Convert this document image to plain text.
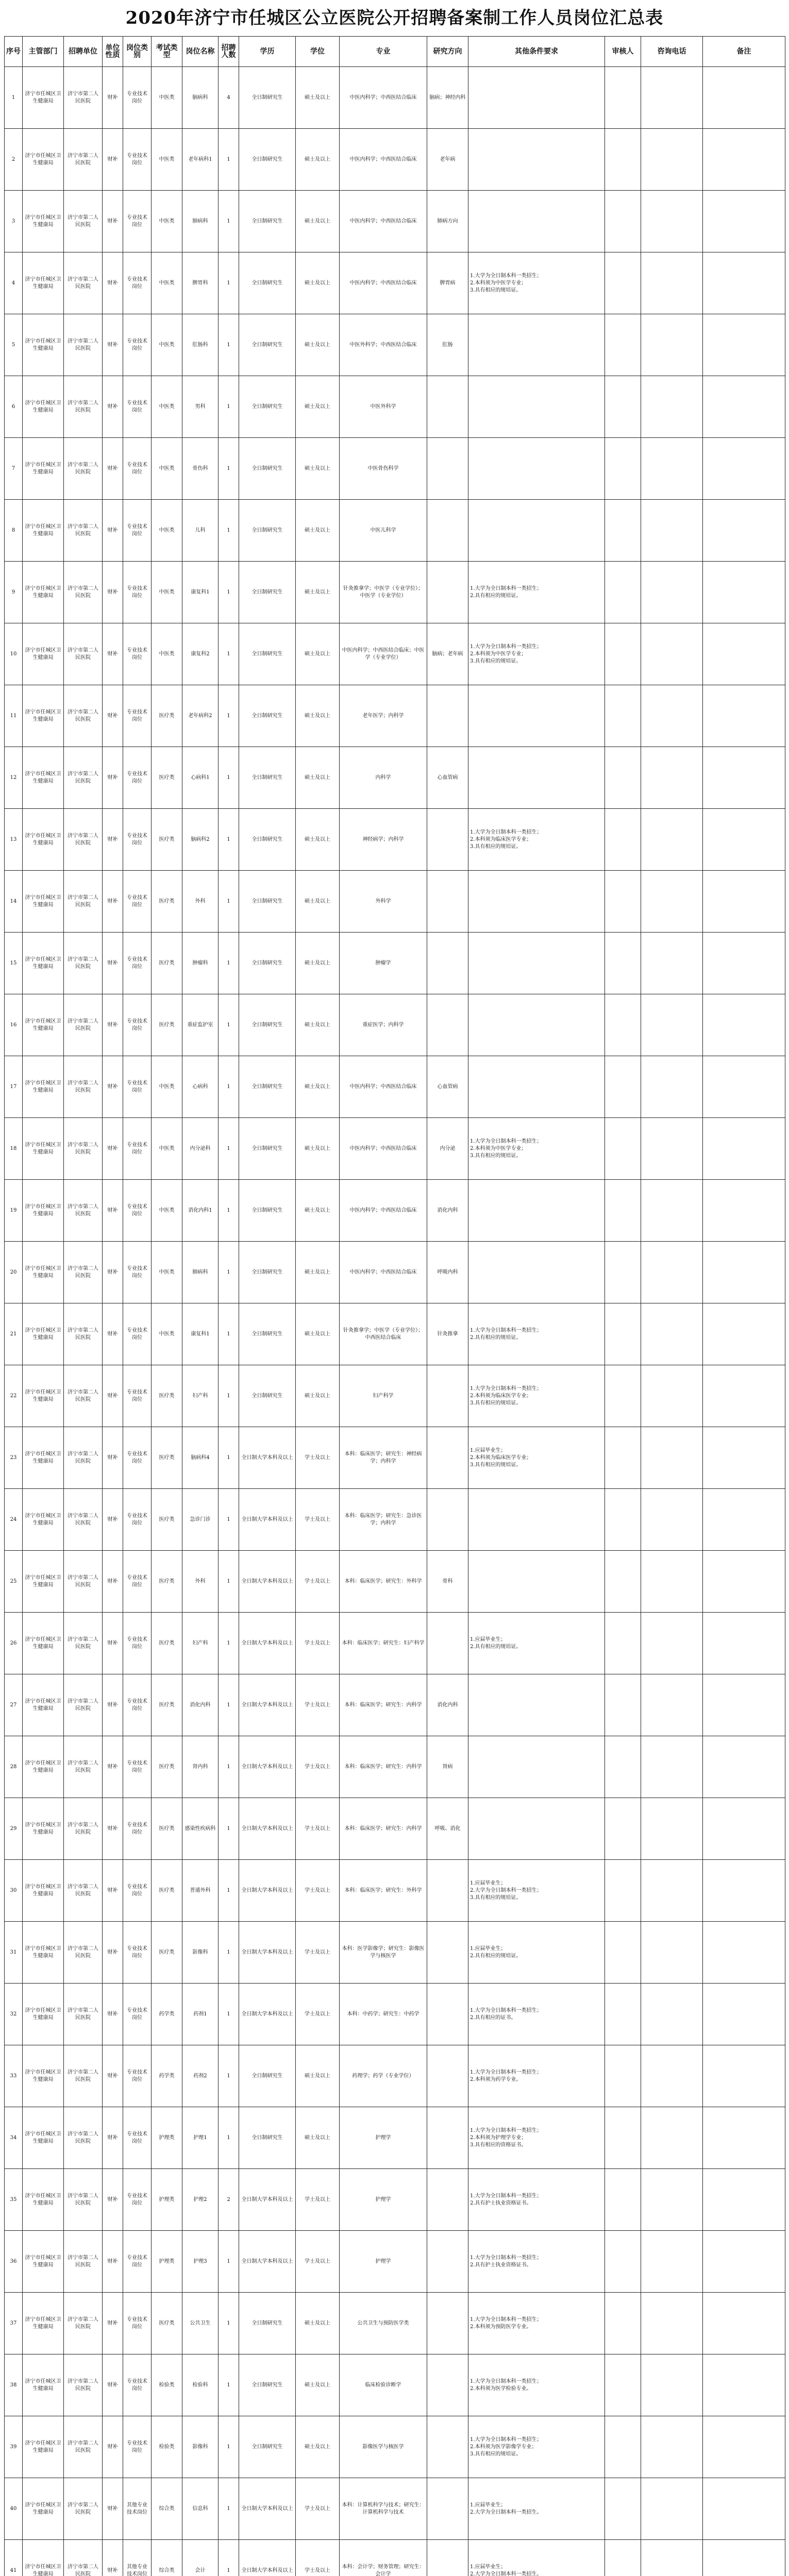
2020年济宁市任城区公立医院公开招聘备案制工作人员岗位汇总表
序号	主管部门	招聘单位	单位性质	岗位类别	考试类型	岗位名称	招聘人数	学历	学位	专业	研究方向	其他条件要求	审核人	咨询电话	备注
1	济宁市任城区卫生健康局	济宁市第二人民医院	财补	专业技术岗位	中医类	脑病科	4	全日制研究生	硕士及以上	中医内科学；中西医结合临床	脑病；神经内科				
2	济宁市任城区卫生健康局	济宁市第二人民医院	财补	专业技术岗位	中医类	老年病科1	1	全日制研究生	硕士及以上	中医内科学；中西医结合临床	老年病				
3	济宁市任城区卫生健康局	济宁市第二人民医院	财补	专业技术岗位	中医类	肺病科	1	全日制研究生	硕士及以上	中医内科学；中西医结合临床	肺病方向				
4	济宁市任城区卫生健康局	济宁市第二人民医院	财补	专业技术岗位	中医类	脾胃科	1	全日制研究生	硕士及以上	中医内科学；中西医结合临床	脾胃病	1.大学为全日制本科一类招生；
2.本科须为中医学专业；
3.具有相应的规培证。			
5	济宁市任城区卫生健康局	济宁市第二人民医院	财补	专业技术岗位	中医类	肛肠科	1	全日制研究生	硕士及以上	中医外科学；中西医结合临床	肛肠				
6	济宁市任城区卫生健康局	济宁市第二人民医院	财补	专业技术岗位	中医类	男科	1	全日制研究生	硕士及以上	中医外科学					
7	济宁市任城区卫生健康局	济宁市第二人民医院	财补	专业技术岗位	中医类	骨伤科	1	全日制研究生	硕士及以上	中医骨伤科学					
8	济宁市任城区卫生健康局	济宁市第二人民医院	财补	专业技术岗位	中医类	儿科	1	全日制研究生	硕士及以上	中医儿科学					
9	济宁市任城区卫生健康局	济宁市第二人民医院	财补	专业技术岗位	中医类	康复科1	1	全日制研究生	硕士及以上	针灸推拿学；中医学（专业学位）；中医学（专业学位）		1.大学为全日制本科一类招生；
2.具有相应的规培证。			
10	济宁市任城区卫生健康局	济宁市第二人民医院	财补	专业技术岗位	中医类	康复科2	1	全日制研究生	硕士及以上	中医内科学；中西医结合临床；中医学（专业学位）	脑病；老年病	1.大学为全日制本科一类招生；
2.本科须为中医学专业；
3.具有相应的规培证。			
11	济宁市任城区卫生健康局	济宁市第二人民医院	财补	专业技术岗位	医疗类	老年病科2	1	全日制研究生	硕士及以上	老年医学；内科学					
12	济宁市任城区卫生健康局	济宁市第二人民医院	财补	专业技术岗位	医疗类	心病科1	1	全日制研究生	硕士及以上	内科学	心血管病				
13	济宁市任城区卫生健康局	济宁市第二人民医院	财补	专业技术岗位	医疗类	脑病科2	1	全日制研究生	硕士及以上	神经病学；内科学		1.大学为全日制本科一类招生；
2.本科须为临床医学专业；
3.具有相应的规培证。			
14	济宁市任城区卫生健康局	济宁市第二人民医院	财补	专业技术岗位	医疗类	外科	1	全日制研究生	硕士及以上	外科学					
15	济宁市任城区卫生健康局	济宁市第二人民医院	财补	专业技术岗位	医疗类	肿瘤科	1	全日制研究生	硕士及以上	肿瘤学					
16	济宁市任城区卫生健康局	济宁市第二人民医院	财补	专业技术岗位	医疗类	重症监护室	1	全日制研究生	硕士及以上	重症医学；内科学					
17	济宁市任城区卫生健康局	济宁市第二人民医院	财补	专业技术岗位	中医类	心病科	1	全日制研究生	硕士及以上	中医内科学；中西医结合临床	心血管病				
18	济宁市任城区卫生健康局	济宁市第二人民医院	财补	专业技术岗位	中医类	内分泌科	1	全日制研究生	硕士及以上	中医内科学；中西医结合临床	内分泌	1.大学为全日制本科一类招生；
2.本科须为中医学专业；
3.具有相应的规培证。			
19	济宁市任城区卫生健康局	济宁市第二人民医院	财补	专业技术岗位	中医类	消化内科1	1	全日制研究生	硕士及以上	中医内科学；中西医结合临床	消化内科				
20	济宁市任城区卫生健康局	济宁市第二人民医院	财补	专业技术岗位	中医类	肺病科	1	全日制研究生	硕士及以上	中医内科学；中西医结合临床	呼吸内科				
21	济宁市任城区卫生健康局	济宁市第二人民医院	财补	专业技术岗位	中医类	康复科1	1	全日制研究生	硕士及以上	针灸推拿学；中医学（专业学位）；中西医结合临床	针灸推拿	1.大学为全日制本科一类招生；
2.具有相应的规培证。			
22	济宁市任城区卫生健康局	济宁市第二人民医院	财补	专业技术岗位	医疗类	妇产科	1	全日制研究生	硕士及以上	妇产科学		1.大学为全日制本科一类招生；
2.本科须为临床医学专业；
3.具有相应的规培证。			
23	济宁市任城区卫生健康局	济宁市第二人民医院	财补	专业技术岗位	医疗类	脑病科4	1	全日制大学本科及以上	学士及以上	本科：临床医学；研究生：神经病学；内科学		1.应届毕业生；
2.本科须为临床医学专业；
3.具有相应的规培证。			
24	济宁市任城区卫生健康局	济宁市第二人民医院	财补	专业技术岗位	医疗类	急诊门诊	1	全日制大学本科及以上	学士及以上	本科：临床医学；研究生：急诊医学；内科学					
25	济宁市任城区卫生健康局	济宁市第二人民医院	财补	专业技术岗位	医疗类	外科	1	全日制大学本科及以上	学士及以上	本科：临床医学；研究生：外科学	骨科				
26	济宁市任城区卫生健康局	济宁市第二人民医院	财补	专业技术岗位	医疗类	妇产科	1	全日制大学本科及以上	学士及以上	本科：临床医学；研究生：妇产科学		1.应届毕业生；
2.具有相应的规培证。			
27	济宁市任城区卫生健康局	济宁市第二人民医院	财补	专业技术岗位	医疗类	消化内科	1	全日制大学本科及以上	学士及以上	本科：临床医学；研究生：内科学	消化内科				
28	济宁市任城区卫生健康局	济宁市第二人民医院	财补	专业技术岗位	医疗类	肾内科	1	全日制大学本科及以上	学士及以上	本科：临床医学；研究生：内科学	肾病				
29	济宁市任城区卫生健康局	济宁市第二人民医院	财补	专业技术岗位	医疗类	感染性疾病科	1	全日制大学本科及以上	学士及以上	本科：临床医学；研究生：内科学	呼吸、消化				
30	济宁市任城区卫生健康局	济宁市第二人民医院	财补	专业技术岗位	医疗类	普通外科	1	全日制大学本科及以上	学士及以上	本科：临床医学；研究生：外科学		1.应届毕业生；
2.大学为全日制本科一类招生；
3.具有相应的规培证。			
31	济宁市任城区卫生健康局	济宁市第二人民医院	财补	专业技术岗位	医疗类	影像科	1	全日制大学本科及以上	学士及以上	本科：医学影像学；研究生：影像医学与核医学		1.应届毕业生；
2.具有相应的规培证。			
32	济宁市任城区卫生健康局	济宁市第二人民医院	财补	专业技术岗位	药学类	药剂1	1	全日制大学本科及以上	学士及以上	本科：中药学；研究生：中药学		1.大学为全日制本科一类招生；
2.具有相应的证书。			
33	济宁市任城区卫生健康局	济宁市第二人民医院	财补	专业技术岗位	药学类	药剂2	1	全日制研究生	硕士及以上	药理学；药学（专业学位）		1.大学为全日制本科一类招生；
2.本科须为药学专业。			
34	济宁市任城区卫生健康局	济宁市第二人民医院	财补	专业技术岗位	护理类	护理1	1	全日制研究生	硕士及以上	护理学		1.大学为全日制本科一类招生；
2.本科须为护理学专业；
3.具有相应的资格证书。			
35	济宁市任城区卫生健康局	济宁市第二人民医院	财补	专业技术岗位	护理类	护理2	2	全日制大学本科及以上	学士及以上	护理学		1.大学为全日制本科一类招生；
2.具有护士执业资格证书。			
36	济宁市任城区卫生健康局	济宁市第二人民医院	财补	专业技术岗位	护理类	护理3	1	全日制大学本科及以上	学士及以上	护理学		1.大学为全日制本科一类招生；
2.具有护士执业资格证书。			
37	济宁市任城区卫生健康局	济宁市第二人民医院	财补	专业技术岗位	医疗类	公共卫生	1	全日制研究生	硕士及以上	公共卫生与预防医学类		1.大学为全日制本科一类招生；
2.本科须为预防医学专业。			
38	济宁市任城区卫生健康局	济宁市第二人民医院	财补	专业技术岗位	检验类	检验科	1	全日制研究生	硕士及以上	临床检验诊断学		1.大学为全日制本科一类招生；
2.本科须为医学检验专业。			
39	济宁市任城区卫生健康局	济宁市第二人民医院	财补	专业技术岗位	检验类	影像科	1	全日制研究生	硕士及以上	影像医学与核医学		1.大学为全日制本科一类招生；
2.本科须为医学影像学专业；
3.具有相应的规培证。			
40	济宁市任城区卫生健康局	济宁市第二人民医院	财补	其他专业技术岗位	综合类	信息科	1	全日制大学本科及以上	学士及以上	本科：计算机科学与技术；研究生：计算机科学与技术		1.应届毕业生；
2.大学为全日制本科一类招生。			
41	济宁市任城区卫生健康局	济宁市第二人民医院	财补	其他专业技术岗位	综合类	会计	1	全日制大学本科及以上	学士及以上	本科：会计学；财务管理；研究生：会计学		1.应届毕业生；
2.大学为全日制本科一类招生。			
